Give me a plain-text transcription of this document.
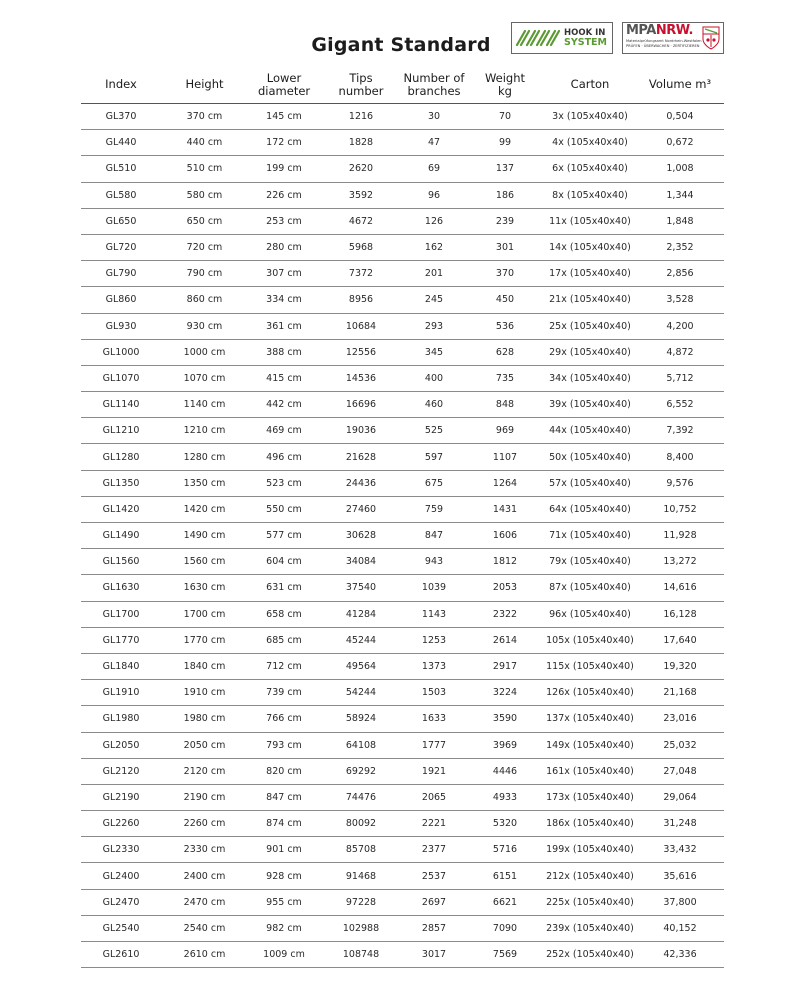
Gigant Standard
HOOK IN
SYSTEM
MPANRW.
Materialprüfungsamt Nordrhein-Westfalen
PRÜFEN · ÜBERWACHEN · ZERTIFIZIEREN
Index	Height	Lower diameter	Tips number	Number of branches	Weight kg	Carton	Volume m³
GL370	370 cm	145 cm	1216	30	70	3x (105x40x40)	0,504
GL440	440 cm	172 cm	1828	47	99	4x (105x40x40)	0,672
GL510	510 cm	199 cm	2620	69	137	6x (105x40x40)	1,008
GL580	580 cm	226 cm	3592	96	186	8x (105x40x40)	1,344
GL650	650 cm	253 cm	4672	126	239	11x (105x40x40)	1,848
GL720	720 cm	280 cm	5968	162	301	14x (105x40x40)	2,352
GL790	790 cm	307 cm	7372	201	370	17x (105x40x40)	2,856
GL860	860 cm	334 cm	8956	245	450	21x (105x40x40)	3,528
GL930	930 cm	361 cm	10684	293	536	25x (105x40x40)	4,200
GL1000	1000 cm	388 cm	12556	345	628	29x (105x40x40)	4,872
GL1070	1070 cm	415 cm	14536	400	735	34x (105x40x40)	5,712
GL1140	1140 cm	442 cm	16696	460	848	39x (105x40x40)	6,552
GL1210	1210 cm	469 cm	19036	525	969	44x (105x40x40)	7,392
GL1280	1280 cm	496 cm	21628	597	1107	50x (105x40x40)	8,400
GL1350	1350 cm	523 cm	24436	675	1264	57x (105x40x40)	9,576
GL1420	1420 cm	550 cm	27460	759	1431	64x (105x40x40)	10,752
GL1490	1490 cm	577 cm	30628	847	1606	71x (105x40x40)	11,928
GL1560	1560 cm	604 cm	34084	943	1812	79x (105x40x40)	13,272
GL1630	1630 cm	631 cm	37540	1039	2053	87x (105x40x40)	14,616
GL1700	1700 cm	658 cm	41284	1143	2322	96x (105x40x40)	16,128
GL1770	1770 cm	685 cm	45244	1253	2614	105x (105x40x40)	17,640
GL1840	1840 cm	712 cm	49564	1373	2917	115x (105x40x40)	19,320
GL1910	1910 cm	739 cm	54244	1503	3224	126x (105x40x40)	21,168
GL1980	1980 cm	766 cm	58924	1633	3590	137x (105x40x40)	23,016
GL2050	2050 cm	793 cm	64108	1777	3969	149x (105x40x40)	25,032
GL2120	2120 cm	820 cm	69292	1921	4446	161x (105x40x40)	27,048
GL2190	2190 cm	847 cm	74476	2065	4933	173x (105x40x40)	29,064
GL2260	2260 cm	874 cm	80092	2221	5320	186x (105x40x40)	31,248
GL2330	2330 cm	901 cm	85708	2377	5716	199x (105x40x40)	33,432
GL2400	2400 cm	928 cm	91468	2537	6151	212x (105x40x40)	35,616
GL2470	2470 cm	955 cm	97228	2697	6621	225x (105x40x40)	37,800
GL2540	2540 cm	982 cm	102988	2857	7090	239x (105x40x40)	40,152
GL2610	2610 cm	1009 cm	108748	3017	7569	252x (105x40x40)	42,336
